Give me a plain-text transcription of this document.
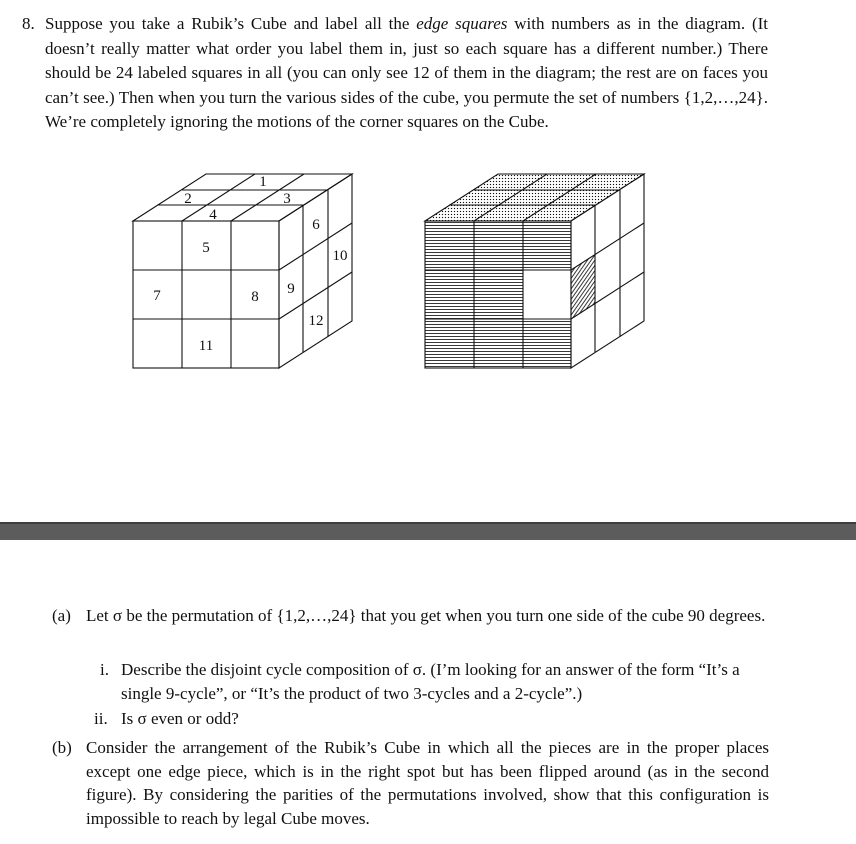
8. Suppose you take a Rubik’s Cube and label all the edge squares with numbers as in the diagram. (It doesn’t really matter what order you label them in, just so each square has a different number.) There should be 24 labeled squares in all (you can only see 12 of them in the diagram; the rest are on faces you can’t see.) Then when you turn the various sides of the cube, you permute the set of numbers {1,2,…,24}. We’re completely ignoring the motions of the corner squares on the Cube.
1
2	3
4
5
6
7	8 9
10
11
12
(a) Let σ be the permutation of {1,2,…,24} that you get when you turn one side of the cube 90 degrees.
i. Describe the disjoint cycle composition of σ. (I’m looking for an answer of the form “It’s a single 9-cycle”, or “It’s the product of two 3-cycles and a 2-cycle”.)
ii. Is σ even or odd?
(b) Consider the arrangement of the Rubik’s Cube in which all the pieces are in the proper places except one edge piece, which is in the right spot but has been flipped around (as in the second figure). By considering the parities of the permutations involved, show that this configuration is impossible to reach by legal Cube moves.
